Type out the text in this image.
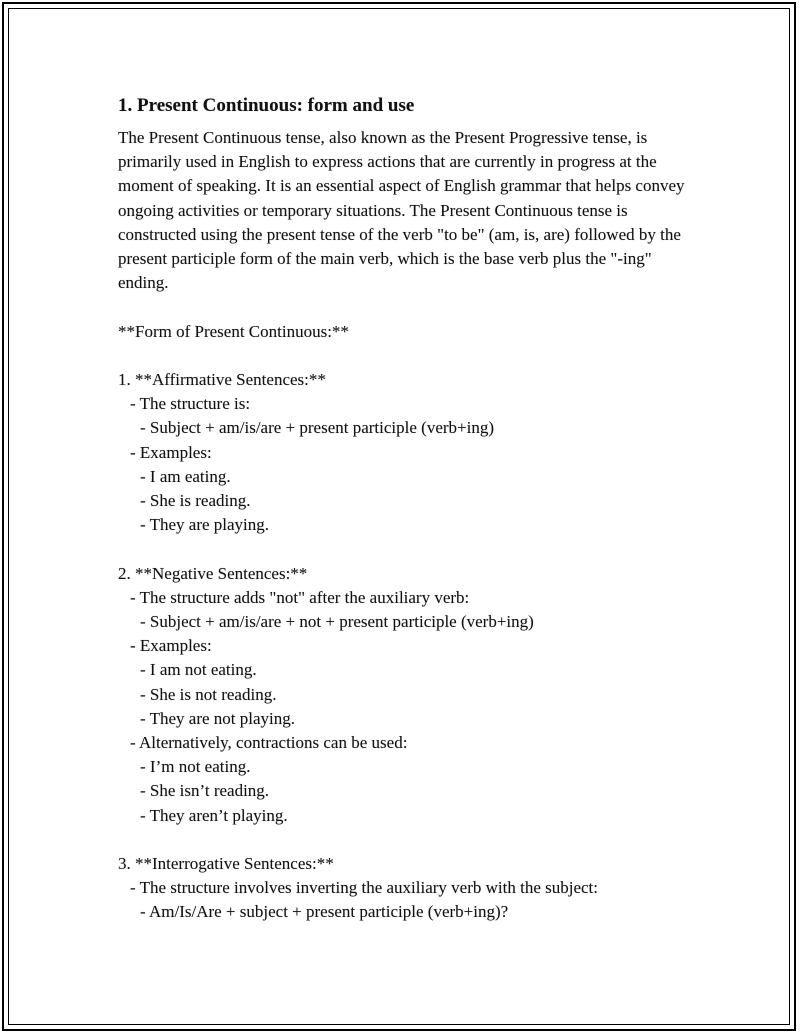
1. Present Continuous: form and use

The Present Continuous tense, also known as the Present Progressive tense, is primarily used in English to express actions that are currently in progress at the moment of speaking. It is an essential aspect of English grammar that helps convey ongoing activities or temporary situations. The Present Continuous tense is constructed using the present tense of the verb "to be" (am, is, are) followed by the present participle form of the main verb, which is the base verb plus the "-ing" ending.

**Form of Present Continuous:**
1. **Affirmative Sentences:**
- The structure is:
- Subject + am/is/are + present participle (verb+ing)
- Examples:
- I am eating.
- She is reading.
- They are playing.
2. **Negative Sentences:**
- The structure adds "not" after the auxiliary verb:
- Subject + am/is/are + not + present participle (verb+ing)
- Examples:
- I am not eating.
- She is not reading.
- They are not playing.
- Alternatively, contractions can be used:
- I’m not eating.
- She isn’t reading.
- They aren’t playing.
3. **Interrogative Sentences:**
- The structure involves inverting the auxiliary verb with the subject:
- Am/Is/Are + subject + present participle (verb+ing)?
